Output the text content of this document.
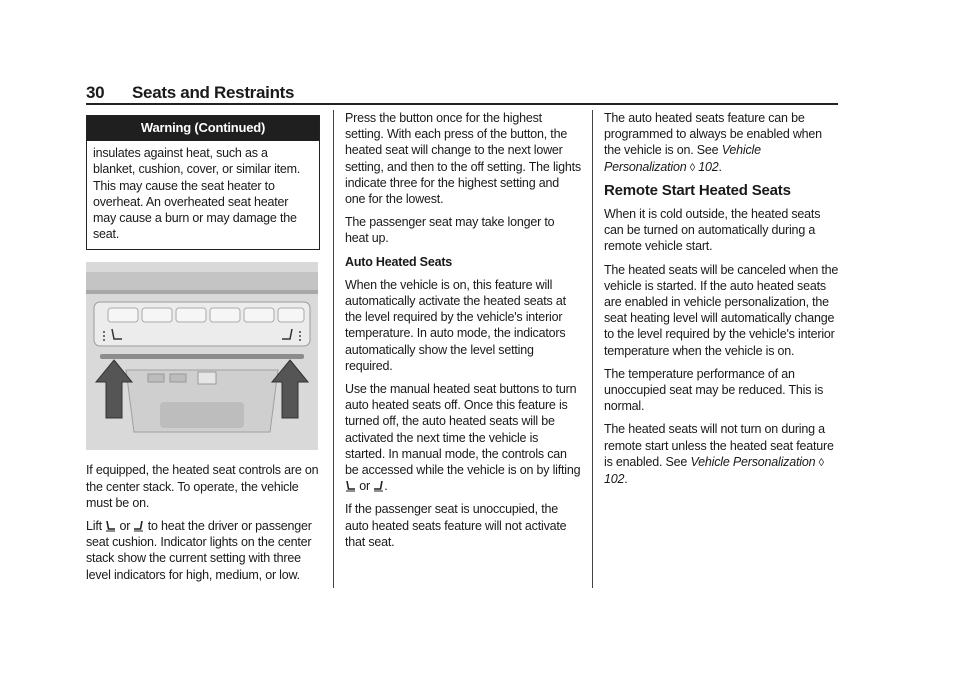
30 Seats and Restraints
Warning (Continued)
insulates against heat, such as a blanket, cushion, cover, or similar item. This may cause the seat heater to overheat. An overheated seat heater may cause a burn or may damage the seat.

If equipped, the heated seat controls are on the center stack. To operate, the vehicle must be on.

Lift or to heat the driver or passenger seat cushion. Indicator lights on the center stack show the current setting with three level indicators for high, medium, or low.

Press the button once for the highest setting. With each press of the button, the heated seat will change to the next lower setting, and then to the off setting. The lights indicate three for the highest setting and one for the lowest.

The passenger seat may take longer to heat up.

Auto Heated Seats

When the vehicle is on, this feature will automatically activate the heated seats at the level required by the vehicle's interior temperature. In auto mode, the indicators automatically show the level setting required.

Use the manual heated seat buttons to turn auto heated seats off. Once this feature is turned off, the auto heated seats will be activated the next time the vehicle is started. In manual mode, the controls can be accessed while the vehicle is on by lifting  or .

If the passenger seat is unoccupied, the auto heated seats feature will not activate that seat.

The auto heated seats feature can be programmed to always be enabled when the vehicle is on. See Vehicle Personalization ◊ 102.

Remote Start Heated Seats

When it is cold outside, the heated seats can be turned on automatically during a remote vehicle start.

The heated seats will be canceled when the vehicle is started. If the auto heated seats are enabled in vehicle personalization, the seat heating level will automatically change to the level required by the vehicle's interior temperature when the vehicle is on.

The temperature performance of an unoccupied seat may be reduced. This is normal.

The heated seats will not turn on during a remote start unless the heated seat feature is enabled. See Vehicle Personalization ◊ 102.
